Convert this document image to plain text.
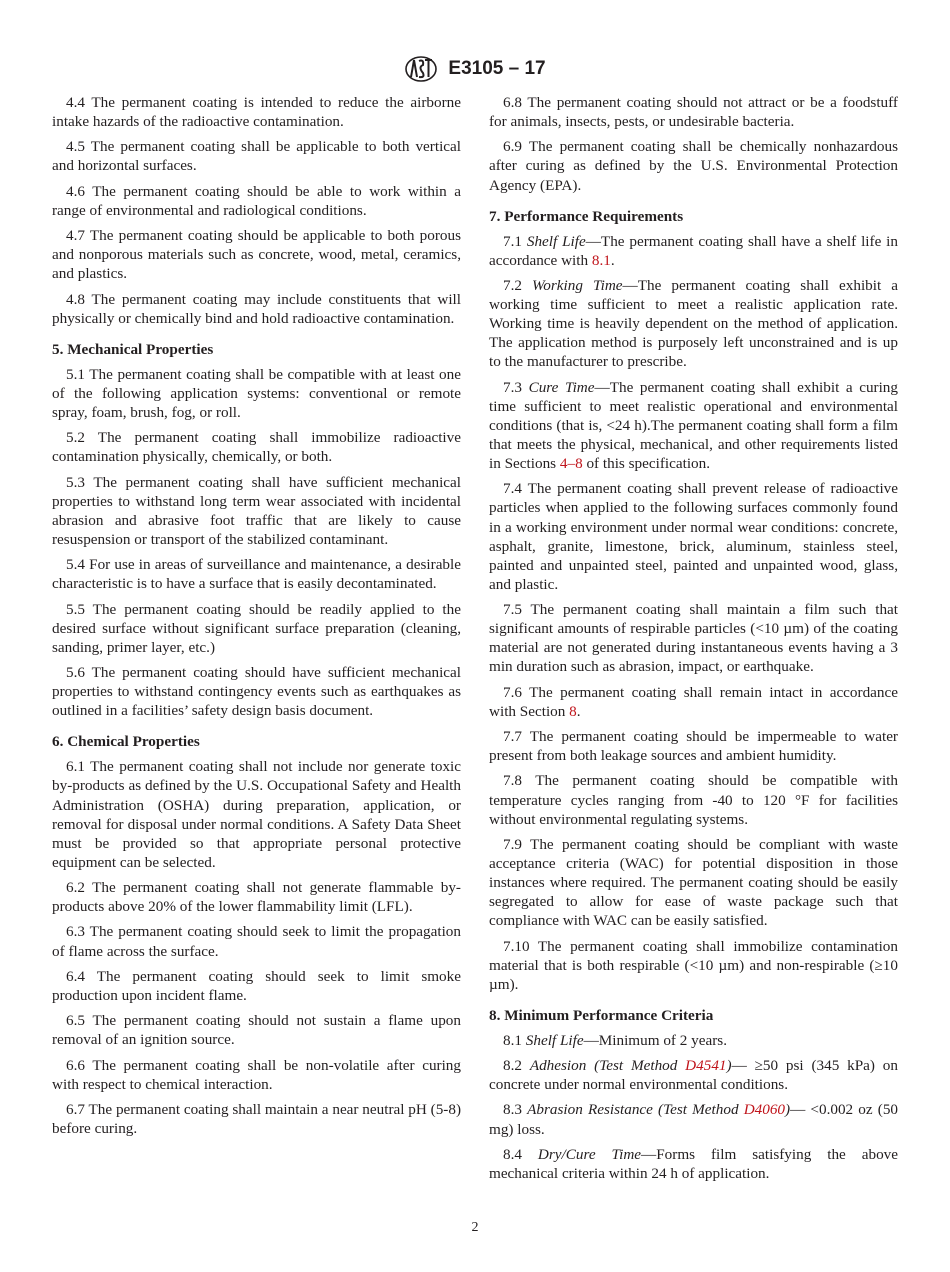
E3105 – 17

4.4 The permanent coating is intended to reduce the airborne intake hazards of the radioactive contamination.

4.5 The permanent coating shall be applicable to both vertical and horizontal surfaces.

4.6 The permanent coating should be able to work within a range of environmental and radiological conditions.

4.7 The permanent coating should be applicable to both porous and nonporous materials such as concrete, wood, metal, ceramics, and plastics.

4.8 The permanent coating may include constituents that will physically or chemically bind and hold radioactive contamination.

5. Mechanical Properties

5.1 The permanent coating shall be compatible with at least one of the following application systems: conventional or remote spray, foam, brush, fog, or roll.

5.2 The permanent coating shall immobilize radioactive contamination physically, chemically, or both.

5.3 The permanent coating shall have sufficient mechanical properties to withstand long term wear associated with incidental abrasion and abrasive foot traffic that are likely to cause resuspension or transport of the stabilized contaminant.

5.4 For use in areas of surveillance and maintenance, a desirable characteristic is to have a surface that is easily decontaminated.

5.5 The permanent coating should be readily applied to the desired surface without significant surface preparation (cleaning, sanding, primer layer, etc.)

5.6 The permanent coating should have sufficient mechanical properties to withstand contingency events such as earthquakes as outlined in a facilities’ safety design basis document.

6. Chemical Properties

6.1 The permanent coating shall not include nor generate toxic by-products as defined by the U.S. Occupational Safety and Health Administration (OSHA) during preparation, application, or removal for disposal under normal conditions. A Safety Data Sheet must be provided so that appropriate personal protective equipment can be selected.

6.2 The permanent coating shall not generate flammable by-products above 20% of the lower flammability limit (LFL).

6.3 The permanent coating should seek to limit the propagation of flame across the surface.

6.4 The permanent coating should seek to limit smoke production upon incident flame.

6.5 The permanent coating should not sustain a flame upon removal of an ignition source.

6.6 The permanent coating shall be non-volatile after curing with respect to chemical interaction.

6.7 The permanent coating shall maintain a near neutral pH (5-8) before curing.

6.8 The permanent coating should not attract or be a foodstuff for animals, insects, pests, or undesirable bacteria.

6.9 The permanent coating shall be chemically nonhazardous after curing as defined by the U.S. Environmental Protection Agency (EPA).

7. Performance Requirements

7.1 Shelf Life—The permanent coating shall have a shelf life in accordance with 8.1.

7.2 Working Time—The permanent coating shall exhibit a working time sufficient to meet a realistic application rate. Working time is heavily dependent on the method of application. The application method is purposely left unconstrained and is up to the manufacturer to prescribe.

7.3 Cure Time—The permanent coating shall exhibit a curing time sufficient to meet realistic operational and environmental conditions (that is, <24 h).The permanent coating shall form a film that meets the physical, mechanical, and other requirements listed in Sections 4–8 of this specification.

7.4 The permanent coating shall prevent release of radioactive particles when applied to the following surfaces commonly found in a working environment under normal wear conditions: concrete, asphalt, granite, limestone, brick, aluminum, stainless steel, painted and unpainted steel, painted and unpainted wood, glass, and plastic.

7.5 The permanent coating shall maintain a film such that significant amounts of respirable particles (<10 µm) of the coating material are not generated during instantaneous events having a 3 min duration such as abrasion, impact, or earthquake.

7.6 The permanent coating shall remain intact in accordance with Section 8.

7.7 The permanent coating should be impermeable to water present from both leakage sources and ambient humidity.

7.8 The permanent coating should be compatible with temperature cycles ranging from -40 to 120 °F for facilities without environmental regulating systems.

7.9 The permanent coating should be compliant with waste acceptance criteria (WAC) for potential disposition in those instances where required. The permanent coating should be easily segregated to allow for ease of waste package such that compliance with WAC can be easily satisfied.

7.10 The permanent coating shall immobilize contamination material that is both respirable (<10 µm) and non-respirable (≥10 µm).

8. Minimum Performance Criteria

8.1 Shelf Life—Minimum of 2 years.

8.2 Adhesion (Test Method D4541)— ≥50 psi (345 kPa) on concrete under normal environmental conditions.

8.3 Abrasion Resistance (Test Method D4060)— <0.002 oz (50 mg) loss.

8.4 Dry/Cure Time—Forms film satisfying the above mechanical criteria within 24 h of application.

2
